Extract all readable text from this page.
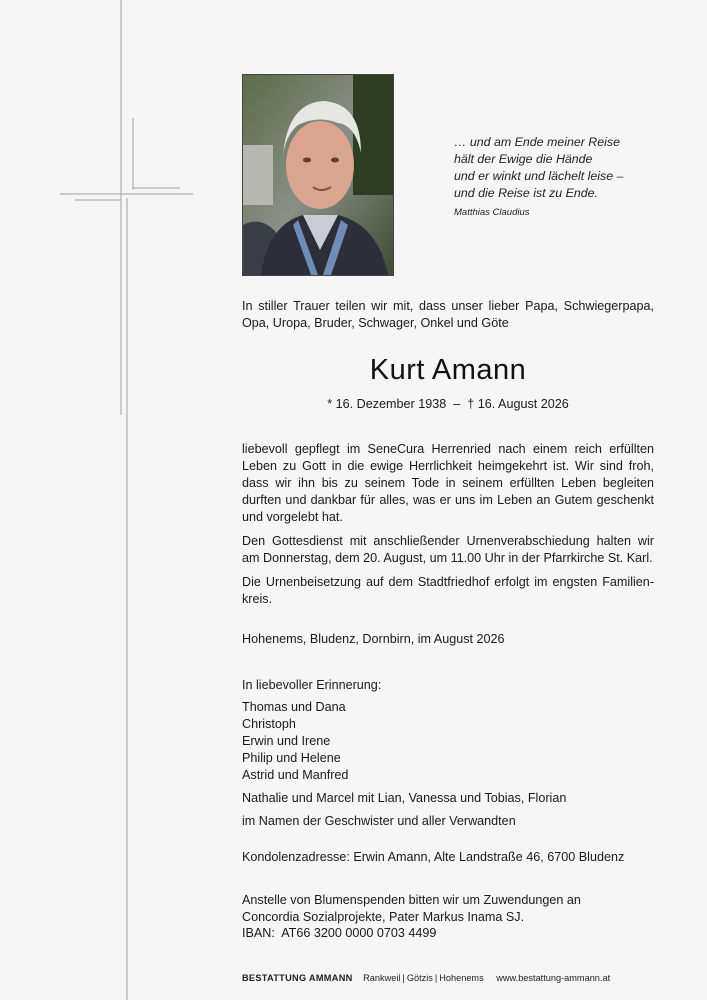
… und am Ende meiner Reise
hält der Ewige die Hände
und er winkt und lächelt leise –
und die Reise ist zu Ende.
Matthias Claudius
In stiller Trauer teilen wir mit, dass unser lieber Papa, Schwiegerpapa, Opa, Uropa, Bruder, Schwager, Onkel und Göte
Kurt Amann
* 16. Dezember 1938  –  † 16. August 2026

liebevoll gepflegt im SeneCura Herrenried nach einem reich erfüllten Leben zu Gott in die ewige Herrlichkeit heimgekehrt ist. Wir sind froh, dass wir ihn bis zu seinem Tode in seinem erfüllten Leben begleiten durften und dankbar für alles, was er uns im Leben an Gutem geschenkt und vorgelebt hat.

Den Gottesdienst mit anschließender Urnenverabschiedung halten wir am Donnerstag, dem 20. August, um 11.00 Uhr in der Pfarrkirche St. Karl.

Die Urnenbeisetzung auf dem Stadtfriedhof erfolgt im engsten Familien-kreis.

Hohenems, Bludenz, Dornbirn, im August 2026
In liebevoller Erinnerung:
Thomas und Dana
Christoph
Erwin und Irene
Philip und Helene
Astrid und Manfred
Nathalie und Marcel mit Lian, Vanessa und Tobias, Florian
im Namen der Geschwister und aller Verwandten
Kondolenzadresse: Erwin Amann, Alte Landstraße 46, 6700 Bludenz
Anstelle von Blumenspenden bitten wir um Zuwendungen an
Concordia Sozialprojekte, Pater Markus Inama SJ.
IBAN:  AT66 3200 0000 0703 4499
BESTATTUNG AMMANN Rankweil | Götzis | Hohenems www.bestattung-ammann.at
